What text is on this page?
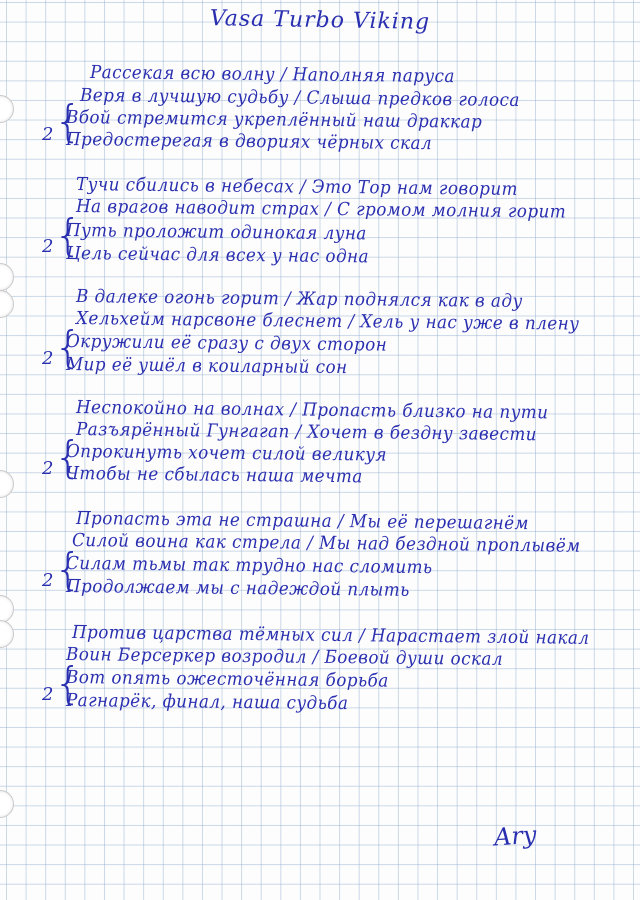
Vasa Turbo Viking
Рассекая всю волну / Наполняя паруса
Веря в лучшую судьбу / Слыша предков голоса
{
2
Вбой стремится укреплённый наш драккар
Предостерегая в двориях чёрных скал
Тучи сбились в небесах / Это Тор нам говорит
На врагов наводит страх / С громом молния горит
{
2
Путь проложит одинокая луна
Цель сейчас для всех у нас одна
В далеке огонь горит / Жар поднялся как в аду
Хельхейм нарсвоне блеснет / Хель у нас уже в плену
{
2
Окружили её сразу с двух сторон
Мир её ушёл в коиларный сон
Неспокойно на волнах / Пропасть близко на пути
Разъярённый Гунгагап / Хочет в бездну завести
{
2
Опрокинуть хочет силой великуя
Чтобы не сбылась наша мечта
Пропасть эта не страшна / Мы её перешагнём
Силой воина как стрела / Мы над бездной проплывём
{
2
Силам тьмы так трудно нас сломить
Продолжаем мы с надеждой плыть
Против царства тёмных сил / Нарастает злой накал
Воин Берсеркер возродил / Боевой души оскал
{
2
Вот опять ожесточённая борьба
Рагнарёк, финал, наша судьба
Ary
